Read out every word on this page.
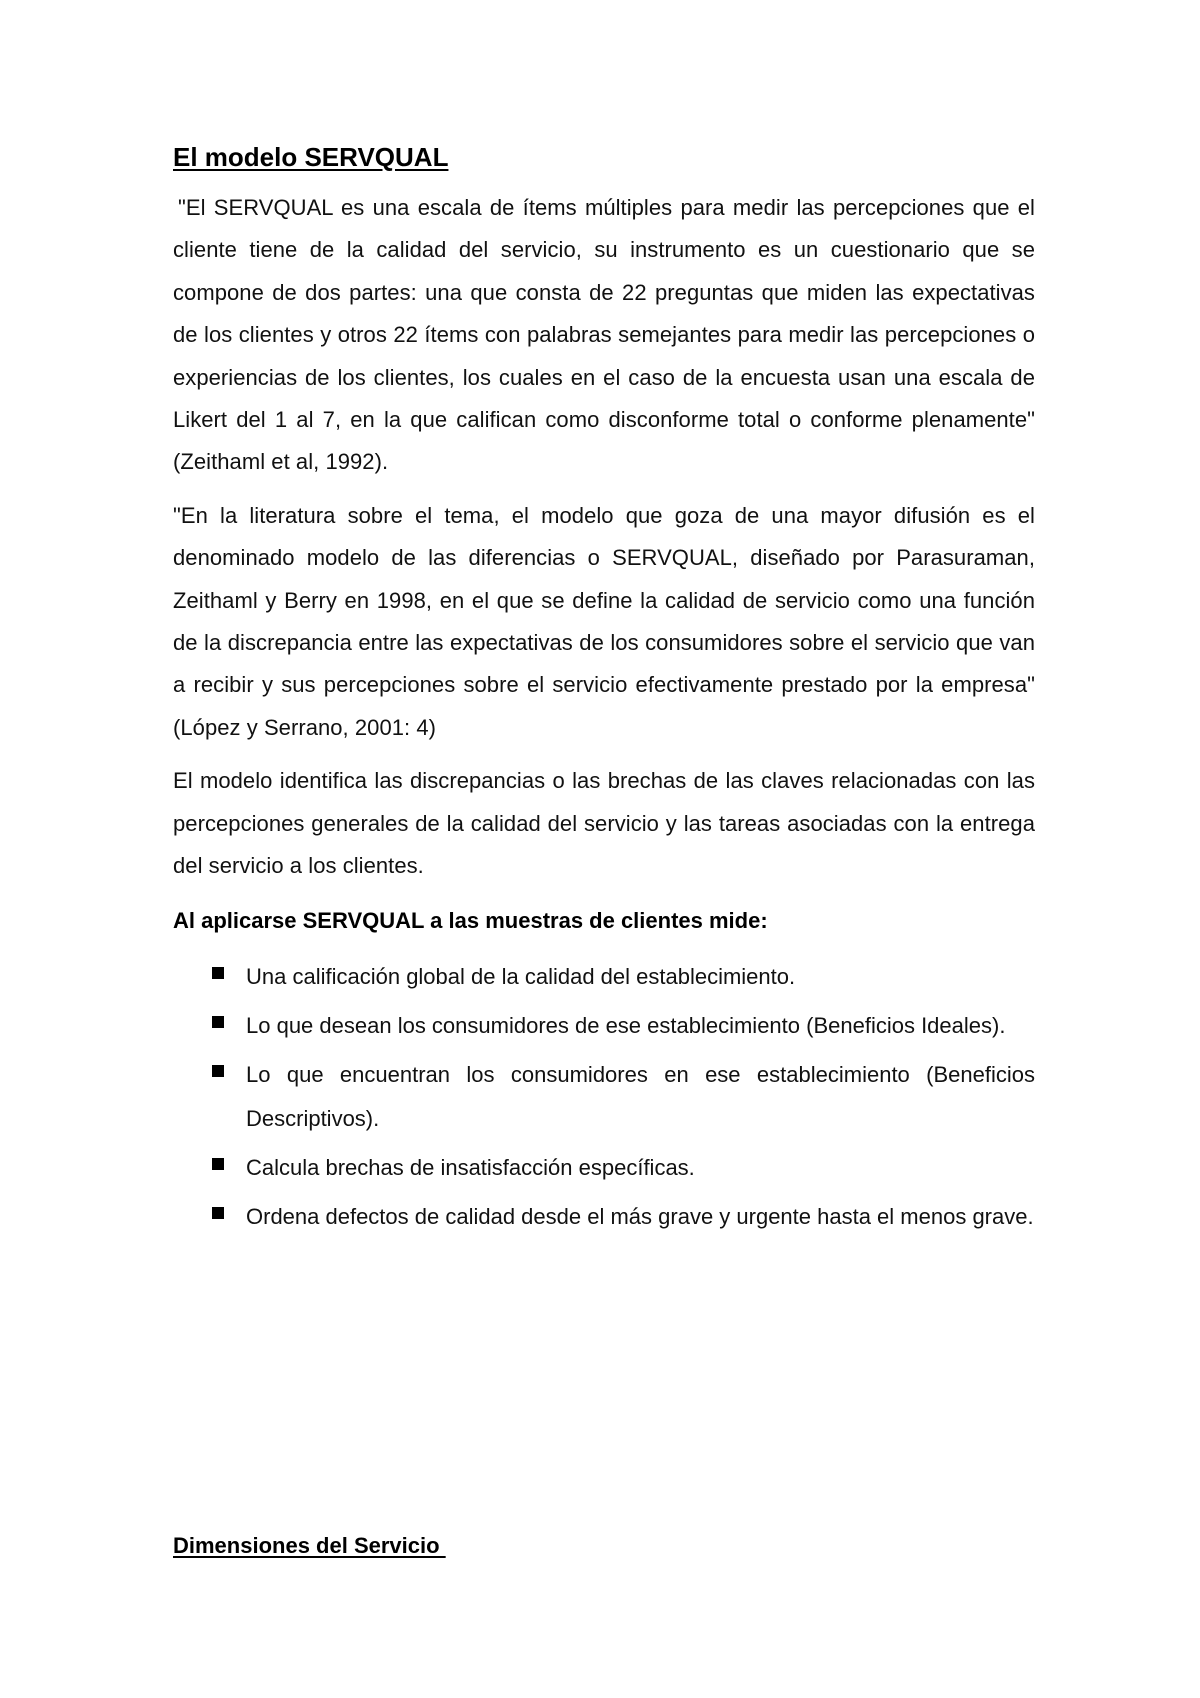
El modelo SERVQUAL

"El SERVQUAL es una escala de ítems múltiples para medir las percepciones que el cliente tiene de la calidad del servicio, su instrumento es un cuestionario que se compone de dos partes: una que consta de 22 preguntas que miden las expectativas de los clientes y otros 22 ítems con palabras semejantes para medir las percepciones o experiencias de los clientes, los cuales en el caso de la encuesta usan una escala de Likert del 1 al 7, en la que califican como disconforme total o conforme plenamente" (Zeithaml et al, 1992).

"En la literatura sobre el tema, el modelo que goza de una mayor difusión es el denominado modelo de las diferencias o SERVQUAL, diseñado por Parasuraman, Zeithaml y Berry en 1998, en el que se define la calidad de servicio como una función de la discrepancia entre las expectativas de los consumidores sobre el servicio que van a recibir y sus percepciones sobre el servicio efectivamente prestado por la empresa" (López y Serrano, 2001: 4)

El modelo identifica las discrepancias o las brechas de las claves relacionadas con las percepciones generales de la calidad del servicio y las tareas asociadas con la entrega del servicio a los clientes.

Al aplicarse SERVQUAL a las muestras de clientes mide:

Una calificación global de la calidad del establecimiento.
Lo que desean los consumidores de ese establecimiento (Beneficios Ideales).
Lo que encuentran los consumidores en ese establecimiento (Beneficios Descriptivos).
Calcula brechas de insatisfacción específicas.
Ordena defectos de calidad desde el más grave y urgente hasta el menos grave.
Dimensiones del Servicio
